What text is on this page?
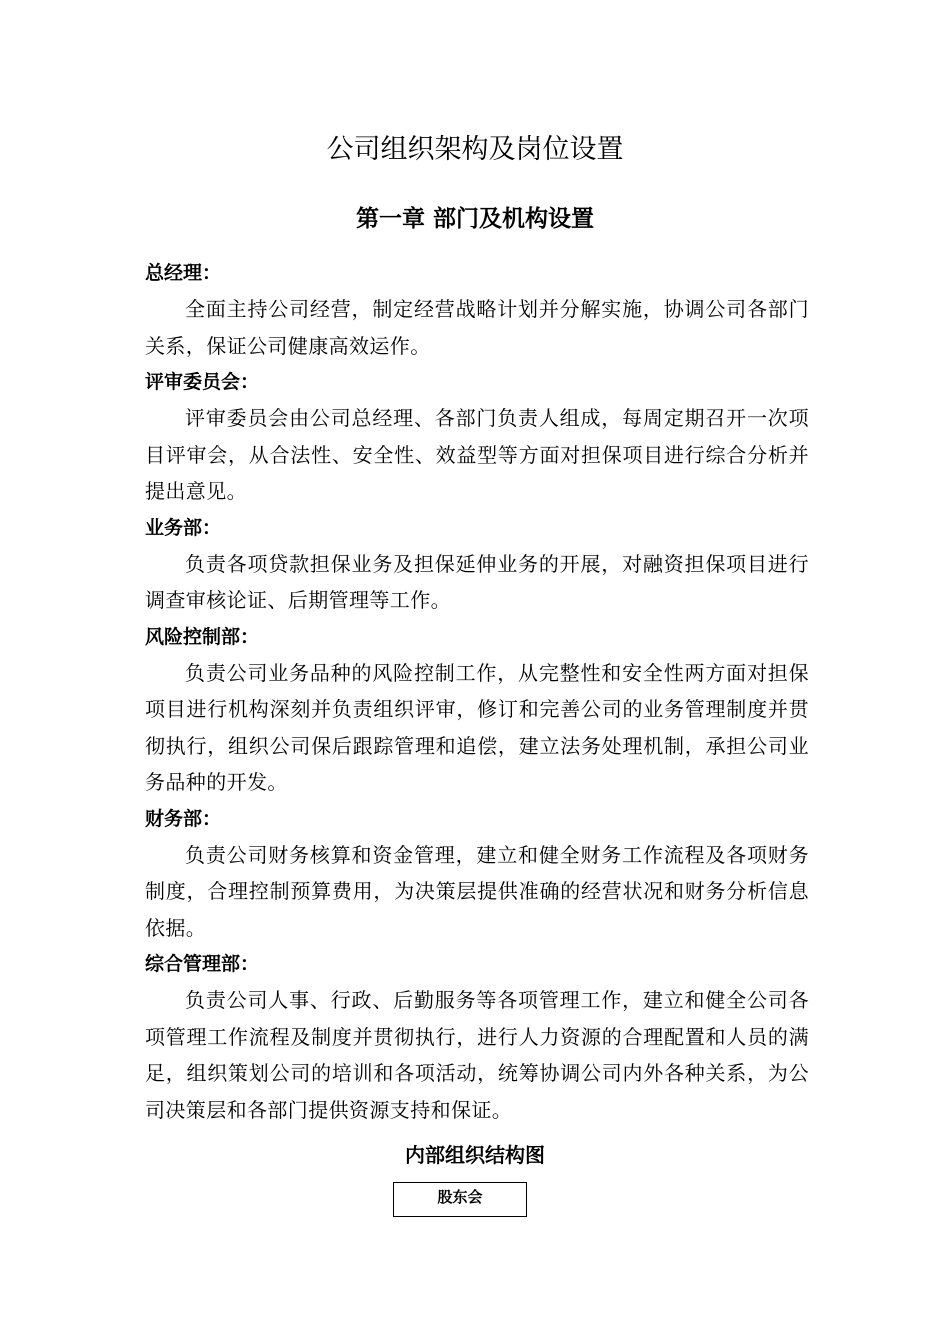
公司组织架构及岗位设置
第一章 部门及机构设置

总经理：

全面主持公司经营，制定经营战略计划并分解实施，协调公司各部门关系，保证公司健康高效运作。

评审委员会：

评审委员会由公司总经理、各部门负责人组成，每周定期召开一次项目评审会，从合法性、安全性、效益型等方面对担保项目进行综合分析并提出意见。

业务部：

负责各项贷款担保业务及担保延伸业务的开展，对融资担保项目进行调查审核论证、后期管理等工作。

风险控制部：

负责公司业务品种的风险控制工作，从完整性和安全性两方面对担保项目进行机构深刻并负责组织评审，修订和完善公司的业务管理制度并贯彻执行，组织公司保后跟踪管理和追偿，建立法务处理机制，承担公司业务品种的开发。

财务部：

负责公司财务核算和资金管理，建立和健全财务工作流程及各项财务制度，合理控制预算费用，为决策层提供准确的经营状况和财务分析信息依据。

综合管理部：

负责公司人事、行政、后勤服务等各项管理工作，建立和健全公司各项管理工作流程及制度并贯彻执行，进行人力资源的合理配置和人员的满足，组织策划公司的培训和各项活动，统筹协调公司内外各种关系，为公司决策层和各部门提供资源支持和保证。

内部组织结构图
股东会
